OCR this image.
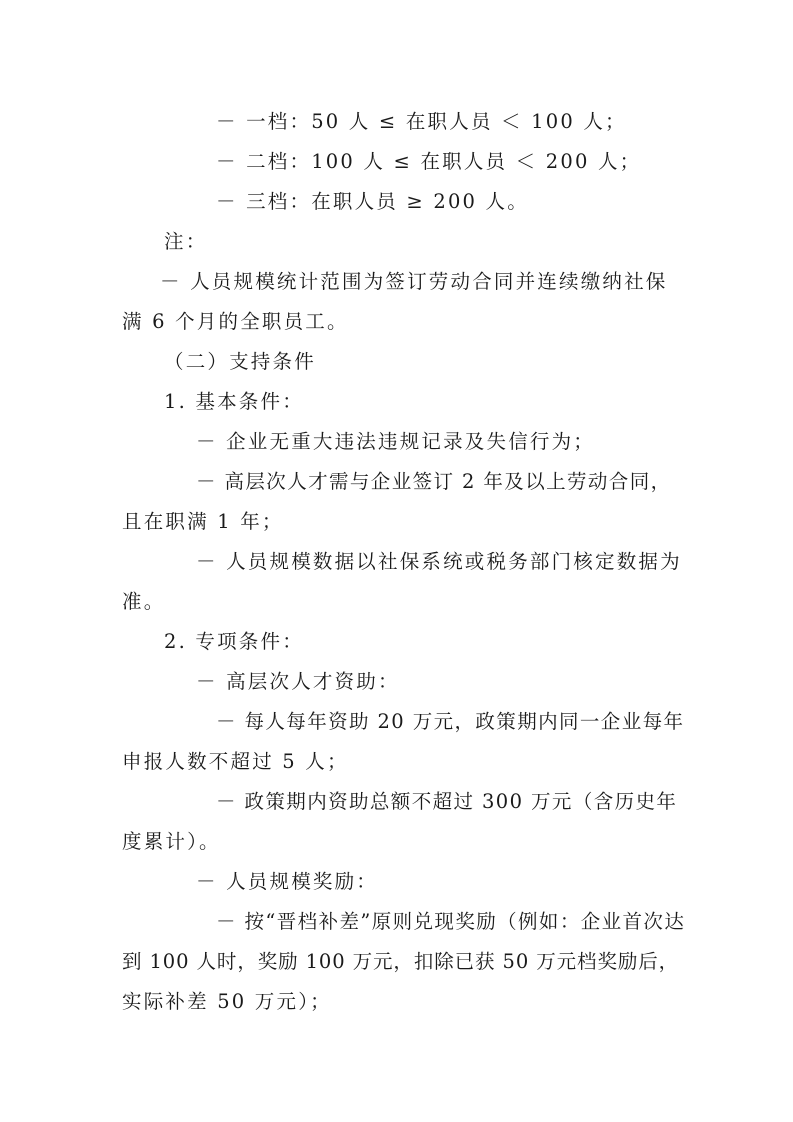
－ 一档：50 人 ≤ 在职人员 ＜ 100 人；
－ 二档：100 人 ≤ 在职人员 ＜ 200 人；
－ 三档：在职人员 ≥ 200 人。
注：
－ 人员规模统计范围为签订劳动合同并连续缴纳社保
满 6 个月的全职员工。
（二）支持条件
1. 基本条件：
－ 企业无重大违法违规记录及失信行为；
－ 高层次人才需与企业签订 2 年及以上劳动合同，
且在职满 1 年；
－ 人员规模数据以社保系统或税务部门核定数据为
准。
2. 专项条件：
－ 高层次人才资助：
－ 每人每年资助 20 万元，政策期内同一企业每年
申报人数不超过 5 人；
－ 政策期内资助总额不超过 300 万元（含历史年
度累计）。
－ 人员规模奖励：
－ 按“晋档补差”原则兑现奖励（例如：企业首次达
到 100 人时，奖励 100 万元，扣除已获 50 万元档奖励后，
实际补差 50 万元）；
